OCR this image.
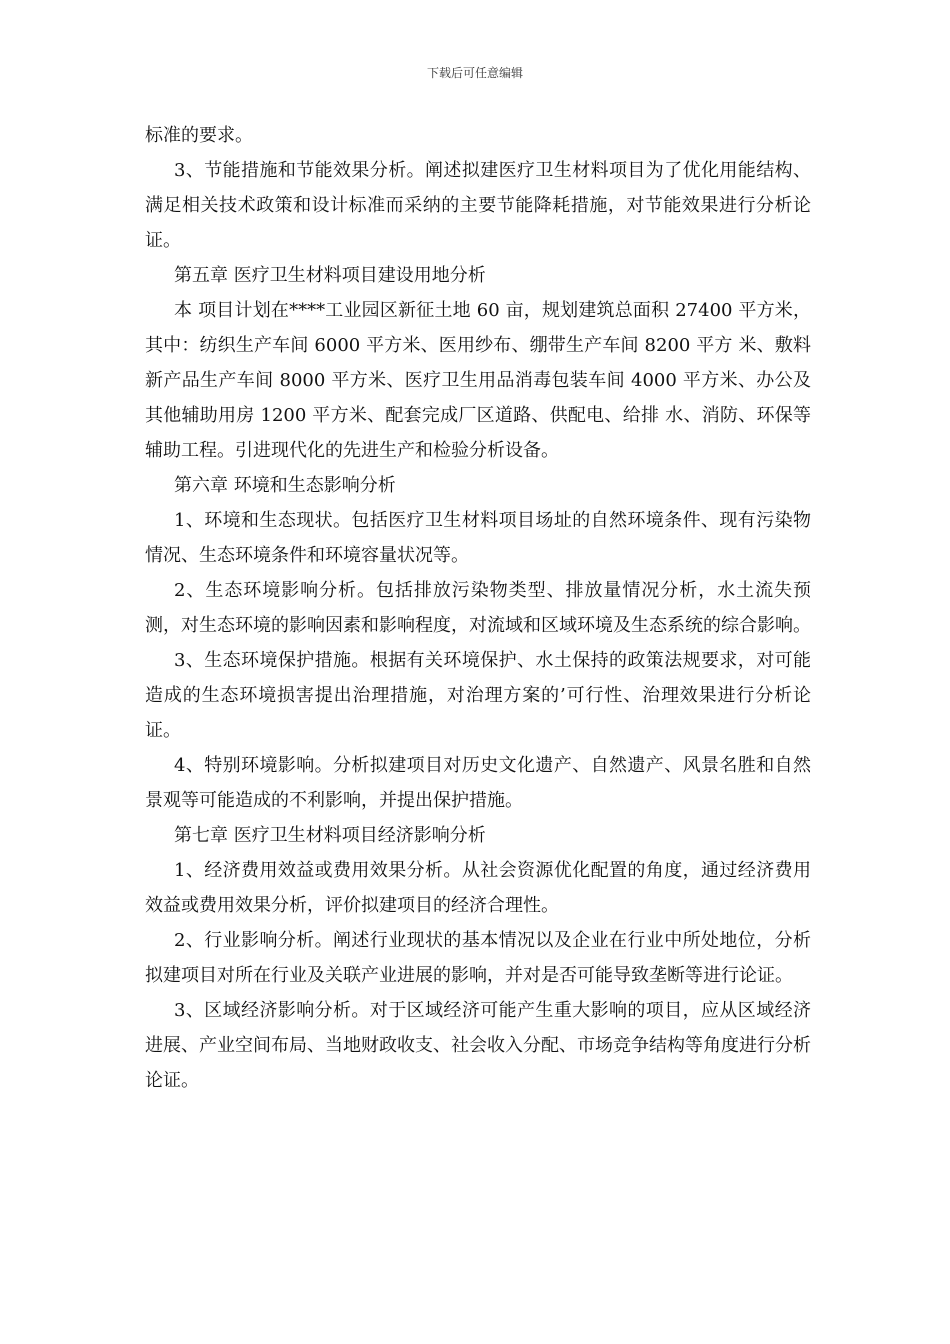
下载后可任意编辑

标准的要求。

3、节能措施和节能效果分析。阐述拟建医疗卫生材料项目为了优化用能结构、满足相关技术政策和设计标准而采纳的主要节能降耗措施，对节能效果进行分析论证。

第五章 医疗卫生材料项目建设用地分析

本 项目计划在****工业园区新征土地 60 亩，规划建筑总面积 27400 平方米，其中：纺织生产车间 6000 平方米、医用纱布、绷带生产车间 8200 平方 米、敷料新产品生产车间 8000 平方米、医疗卫生用品消毒包装车间 4000 平方米、办公及其他辅助用房 1200 平方米、配套完成厂区道路、供配电、给排 水、消防、环保等辅助工程。引进现代化的先进生产和检验分析设备。

第六章 环境和生态影响分析

1、环境和生态现状。包括医疗卫生材料项目场址的自然环境条件、现有污染物情况、生态环境条件和环境容量状况等。

2、生态环境影响分析。包括排放污染物类型、排放量情况分析，水土流失预测，对生态环境的影响因素和影响程度，对流域和区域环境及生态系统的综合影响。

3、生态环境保护措施。根据有关环境保护、水土保持的政策法规要求，对可能造成的生态环境损害提出治理措施，对治理方案的’可行性、治理效果进行分析论证。

4、特别环境影响。分析拟建项目对历史文化遗产、自然遗产、风景名胜和自然景观等可能造成的不利影响，并提出保护措施。

第七章 医疗卫生材料项目经济影响分析

1、经济费用效益或费用效果分析。从社会资源优化配置的角度，通过经济费用效益或费用效果分析，评价拟建项目的经济合理性。

2、行业影响分析。阐述行业现状的基本情况以及企业在行业中所处地位，分析拟建项目对所在行业及关联产业进展的影响，并对是否可能导致垄断等进行论证。

3、区域经济影响分析。对于区域经济可能产生重大影响的项目，应从区域经济进展、产业空间布局、当地财政收支、社会收入分配、市场竞争结构等角度进行分析论证。
